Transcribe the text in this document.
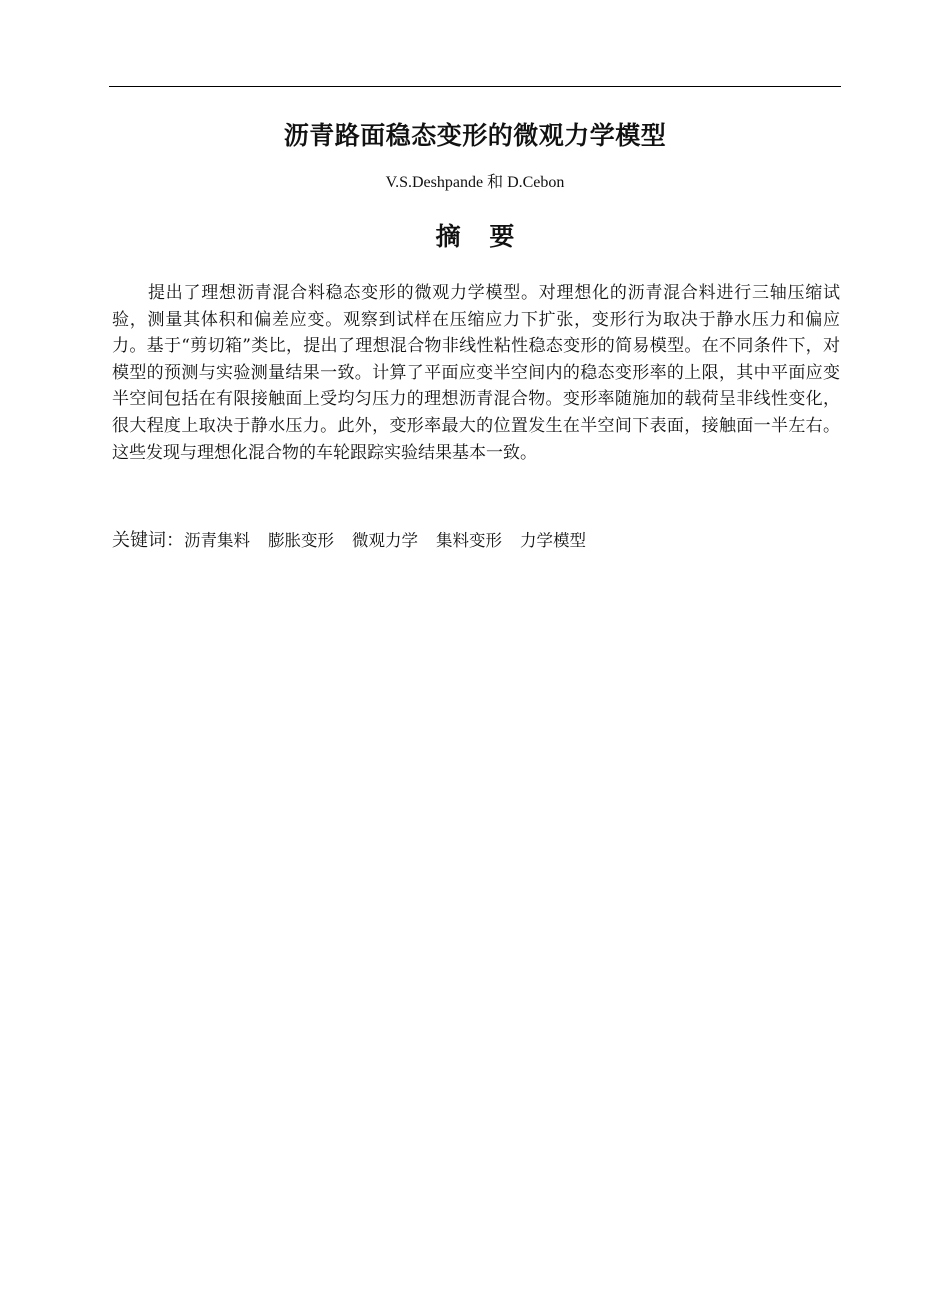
沥青路面稳态变形的微观力学模型
V.S.Deshpande 和 D.Cebon
摘 要

提出了理想沥青混合料稳态变形的微观力学模型。对理想化的沥青混合料进行三轴压缩试验，测量其体积和偏差应变。观察到试样在压缩应力下扩张，变形行为取决于静水压力和偏应力。基于“剪切箱”类比，提出了理想混合物非线性粘性稳态变形的简易模型。在不同条件下，对模型的预测与实验测量结果一致。计算了平面应变半空间内的稳态变形率的上限，其中平面应变半空间包括在有限接触面上受均匀压力的理想沥青混合物。变形率随施加的载荷呈非线性变化，很大程度上取决于静水压力。此外，变形率最大的位置发生在半空间下表面，接触面一半左右。这些发现与理想化混合物的车轮跟踪实验结果基本一致。

关键词：沥青集料 膨胀变形 微观力学 集料变形 力学模型
